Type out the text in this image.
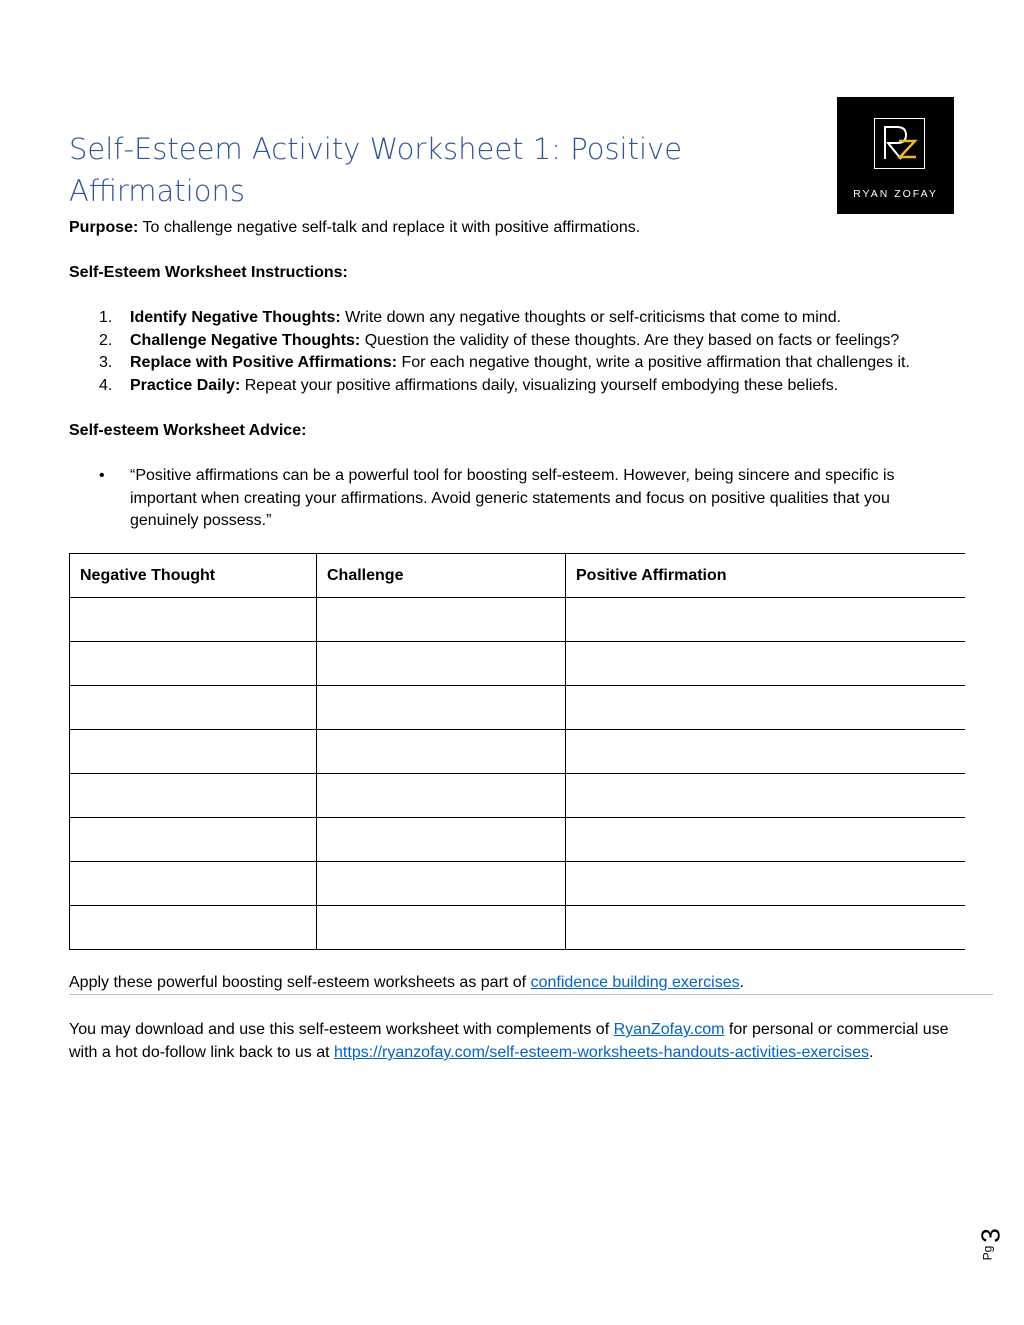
Self-Esteem Activity Worksheet 1: Positive Affirmations	RYAN ZOFAY
Purpose: To challenge negative self-talk and replace it with positive affirmations.
Self-Esteem Worksheet Instructions:
1. Identify Negative Thoughts: Write down any negative thoughts or self-criticisms that come to mind.
2. Challenge Negative Thoughts: Question the validity of these thoughts. Are they based on facts or feelings?
3. Replace with Positive Affirmations: For each negative thought, write a positive affirmation that challenges it.
4. Practice Daily: Repeat your positive affirmations daily, visualizing yourself embodying these beliefs.
Self-esteem Worksheet Advice:
•	“Positive affirmations can be a powerful tool for boosting self-esteem. However, being sincere and specific is important when creating your affirmations. Avoid generic statements and focus on positive qualities that you genuinely possess.”
Negative Thought	Challenge	Positive Affirmation

Apply these powerful boosting self-esteem worksheets as part of confidence building exercises.
You may download and use this self-esteem worksheet with complements of RyanZofay.com for personal or commercial use with a hot do-follow link back to us at https://ryanzofay.com/self-esteem-worksheets-handouts-activities-exercises.
3
Pg
